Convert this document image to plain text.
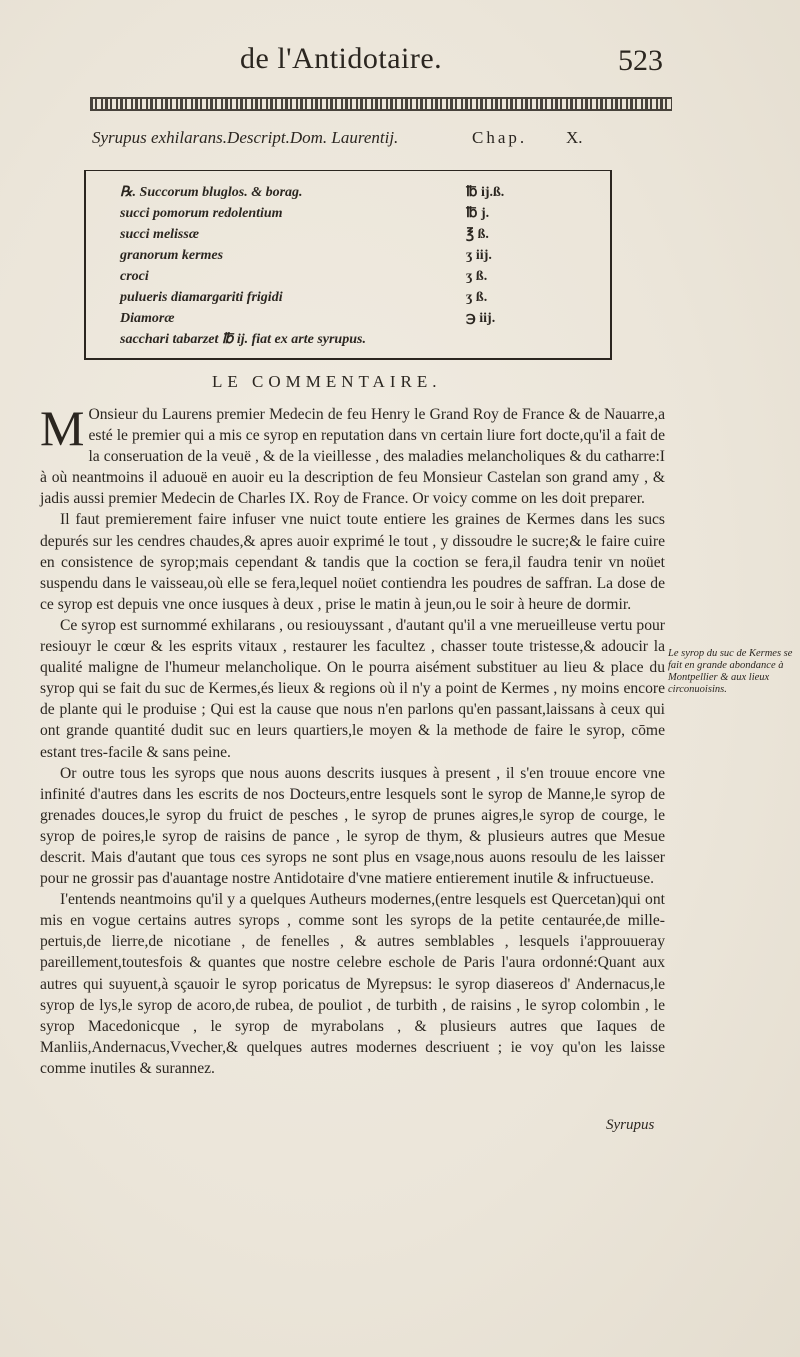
de l'Antidotaire.	523
Syrupus exhilarans.Descript.Dom. Laurentij.	Chap. X.
℞. Succorum bluglos. & borag.	℔ ij.ß.
succi pomorum redolentium	℔ j.
succi melissæ	℥ ß.
granorum kermes	ʒ iij.
croci	ʒ ß.
pulueris diamargariti frigidi	ʒ ß.
Diamoræ	℈ iij.
sacchari tabarzet ℔ ij. fiat ex arte syrupus.
LE COMMENTAIRE.

M Onsieur du Laurens premier Medecin de feu Henry le Grand Roy de France & de Nauarre,a esté le premier qui a mis ce syrop en reputation dans vn certain liure fort docte,qu'il a fait de la conseruation de la veuë , & de la vieillesse , des maladies melancholiques & du catharre:I à où neantmoins il aduouë en auoir eu la description de feu Monsieur Castelan son grand amy , & jadis aussi premier Medecin de Charles IX. Roy de France. Or voicy comme on les doit preparer.

Il faut premierement faire infuser vne nuict toute entiere les graines de Kermes dans les sucs depurés sur les cendres chaudes,& apres auoir exprimé le tout , y dissoudre le sucre;& le faire cuire en consistence de syrop;mais cependant & tandis que la coction se fera,il faudra tenir vn noüet suspendu dans le vaisseau,où elle se fera,lequel noüet contiendra les poudres de saffran. La dose de ce syrop est depuis vne once iusques à deux , prise le matin à jeun,ou le soir à heure de dormir.

Ce syrop est surnommé exhilarans , ou resiouyssant , d'autant qu'il a vne merueilleuse vertu pour resiouyr le cœur & les esprits vitaux , restaurer les facultez , chasser toute tristesse,& adoucir la qualité maligne de l'humeur melancholique. On le pourra aisément substituer au lieu & place du syrop qui se fait du suc de Kermes,és lieux & regions où il n'y a point de Kermes , ny moins encore de plante qui le produise ; Qui est la cause que nous n'en parlons qu'en passant,laissans à ceux qui ont grande quantité dudit suc en leurs quartiers,le moyen & la methode de faire le syrop, cōme estant tres-facile & sans peine.

Or outre tous les syrops que nous auons descrits iusques à present , il s'en trouue encore vne infinité d'autres dans les escrits de nos Docteurs,entre lesquels sont le syrop de Manne,le syrop de grenades douces,le syrop du fruict de pesches , le syrop de prunes aigres,le syrop de courge, le syrop de poires,le syrop de raisins de pance , le syrop de thym, & plusieurs autres que Mesue descrit. Mais d'autant que tous ces syrops ne sont plus en vsage,nous auons resoulu de les laisser pour ne grossir pas d'auantage nostre Antidotaire d'vne matiere entierement inutile & infructueuse.

I'entends neantmoins qu'il y a quelques Autheurs modernes,(entre lesquels est Quercetan)qui ont mis en vogue certains autres syrops , comme sont les syrops de la petite centaurée,de mille-pertuis,de lierre,de nicotiane , de fenelles , & autres semblables , lesquels i'approuueray pareillement,toutesfois & quantes que nostre celebre eschole de Paris l'aura ordonné:Quant aux autres qui suyuent,à sçauoir le syrop poricatus de Myrepsus: le syrop diasereos d' Andernacus,le syrop de lys,le syrop de acoro,de rubea, de pouliot , de turbith , de raisins , le syrop colombin , le syrop Macedonicque , le syrop de myrabolans , & plusieurs autres que Iaques de Manliis,Andernacus,Vvecher,& quelques autres modernes descriuent ; ie voy qu'on les laisse comme inutiles & surannez.

Le syrop du suc de Kermes se fait en grande abondance à Montpellier & aux lieux circonuoisins.
Syrupus
